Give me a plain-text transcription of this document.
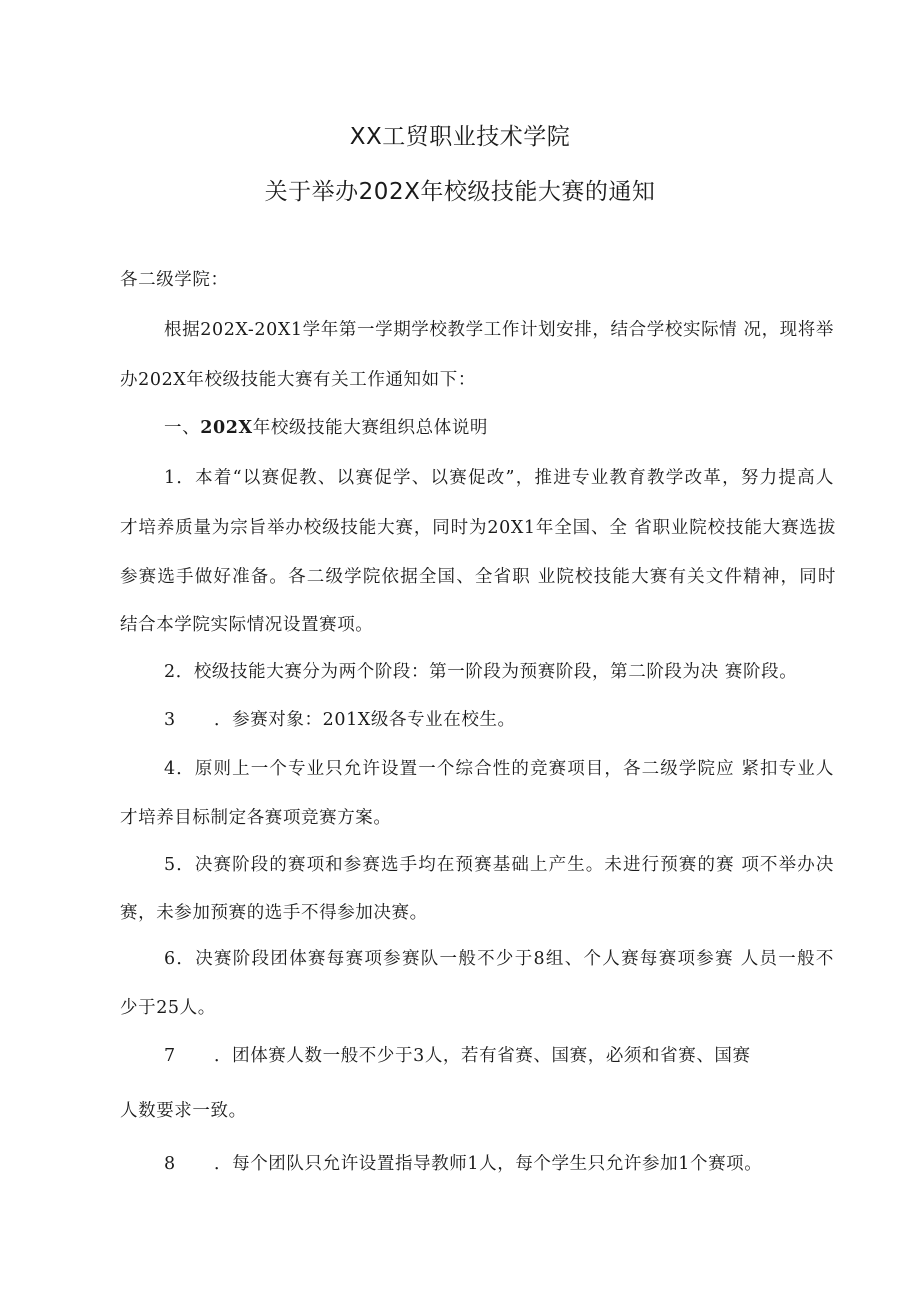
XX工贸职业技术学院
关于举办202X年校级技能大赛的通知
各二级学院：
根据202X-20X1学年第一学期学校教学工作计划安排，结合学校实际情 况，现将举
办202X年校级技能大赛有关工作通知如下：
一、202X年校级技能大赛组织总体说明
1．本着“以赛促教、以赛促学、以赛促改”，推进专业教育教学改革，努力提高人
才培养质量为宗旨举办校级技能大赛，同时为20X1年全国、全 省职业院校技能大赛选拔
参赛选手做好准备。各二级学院依据全国、全省职 业院校技能大赛有关文件精神，同时
结合本学院实际情况设置赛项。
2．校级技能大赛分为两个阶段：第一阶段为预赛阶段，第二阶段为决 赛阶段。
3 ．参赛对象：201X级各专业在校生。
4．原则上一个专业只允许设置一个综合性的竞赛项目，各二级学院应 紧扣专业人
才培养目标制定各赛项竞赛方案。
5．决赛阶段的赛项和参赛选手均在预赛基础上产生。未进行预赛的赛 项不举办决
赛，未参加预赛的选手不得参加决赛。
6．决赛阶段团体赛每赛项参赛队一般不少于8组、个人赛每赛项参赛 人员一般不
少于25人。
7 ．团体赛人数一般不少于3人，若有省赛、国赛，必须和省赛、国赛
人数要求一致。
8 ．每个团队只允许设置指导教师1人，每个学生只允许参加1个赛项。
